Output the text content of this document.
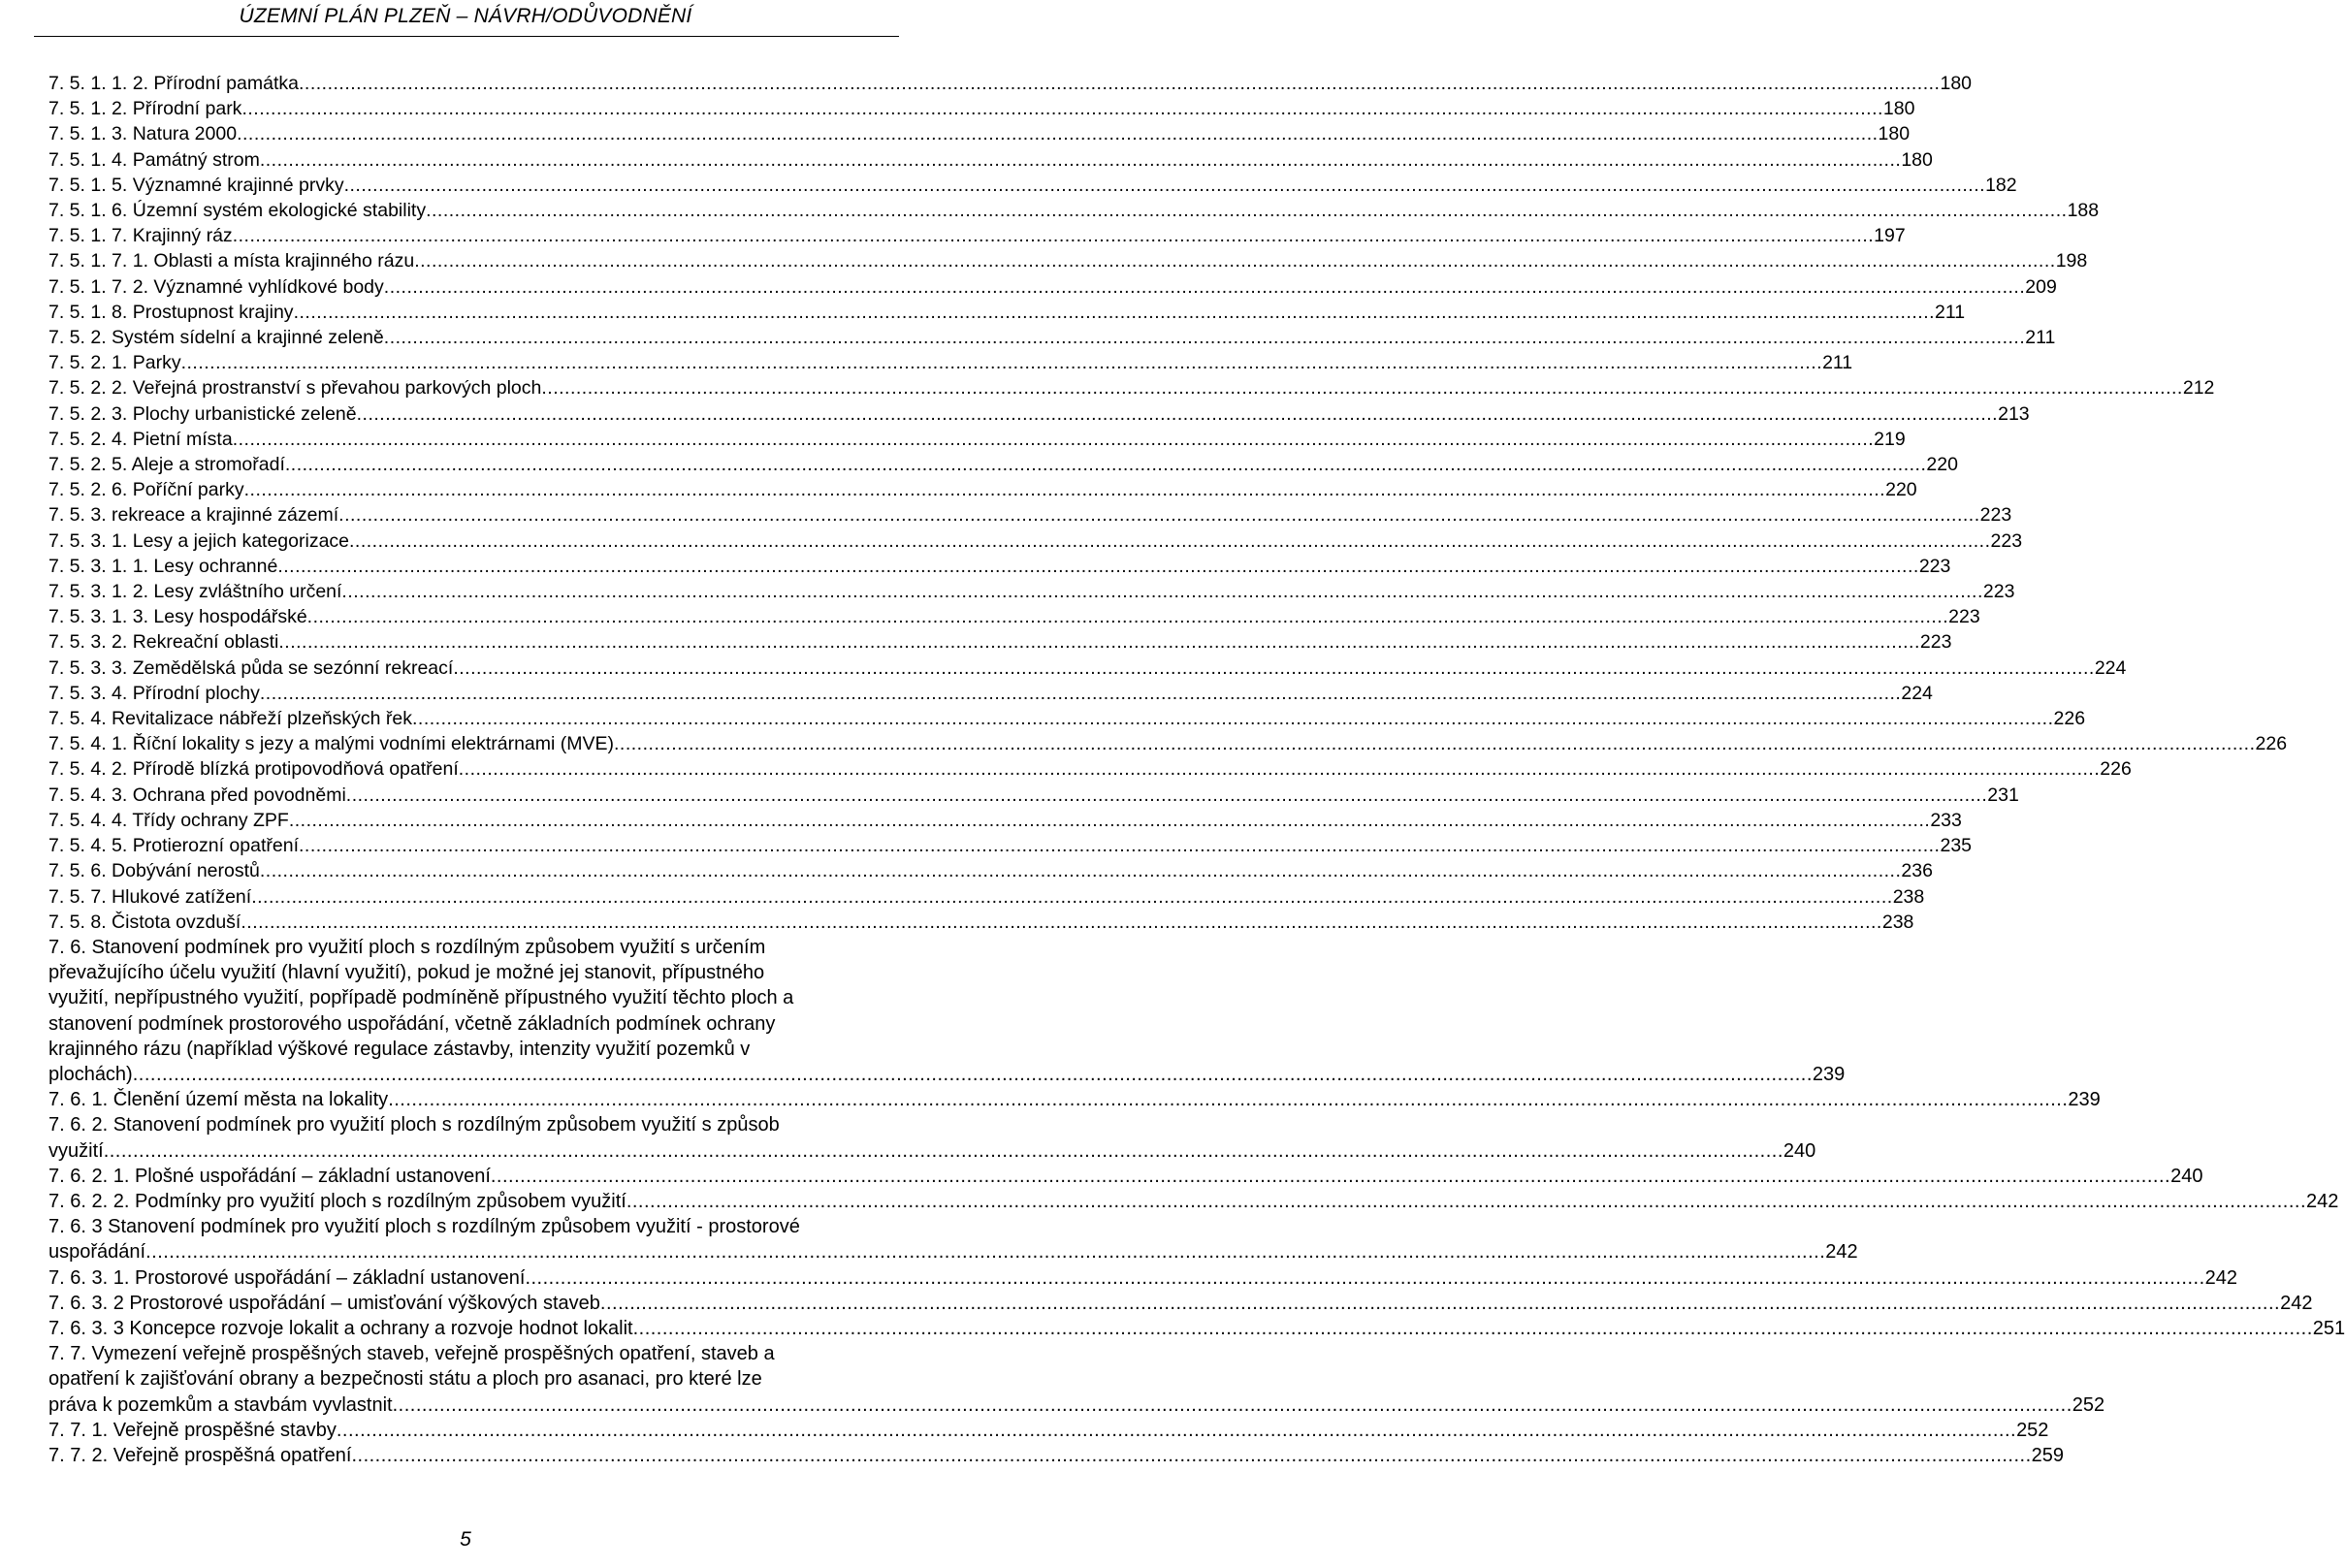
ÚZEMNÍ PLÁN PLZEŇ – NÁVRH/ODŮVODNĚNÍ
7. 5. 1. 1. 2. Přírodní památka .....	180
7. 5. 1. 2. Přírodní park .....	180
7. 5. 1. 3. Natura 2000 .....	180
7. 5. 1. 4. Památný strom .....	180
7. 5. 1. 5. Významné krajinné prvky .....	182
7. 5. 1. 6. Územní systém ekologické stability .....	188
7. 5. 1. 7. Krajinný ráz .....	197
7. 5. 1. 7. 1. Oblasti a místa krajinného rázu .....	198
7. 5. 1. 7. 2. Významné vyhlídkové body .....	209
7. 5. 1. 8. Prostupnost krajiny .....	211
7. 5. 2. Systém sídelní a krajinné zeleně .....	211
7. 5. 2. 1. Parky .....	211
7. 5. 2. 2. Veřejná prostranství s převahou parkových ploch .....	212
7. 5. 2. 3. Plochy urbanistické zeleně .....	213
7. 5. 2. 4. Pietní místa .....	219
7. 5. 2. 5. Aleje a stromořadí .....	220
7. 5. 2. 6. Poříční parky .....	220
7. 5. 3. rekreace a krajinné zázemí .....	223
7. 5. 3. 1. Lesy a jejich kategorizace .....	223
7. 5. 3. 1. 1. Lesy ochranné .....	223
7. 5. 3. 1. 2. Lesy zvláštního určení .....	223
7. 5. 3. 1. 3. Lesy hospodářské .....	223
7. 5. 3. 2. Rekreační oblasti .....	223
7. 5. 3. 3. Zemědělská půda se sezónní rekreací .....	224
7. 5. 3. 4. Přírodní plochy .....	224
7. 5. 4. Revitalizace nábřeží plzeňských řek .....	226
7. 5. 4. 1. Říční lokality s jezy a malými vodními elektrárnami (MVE) .....	226
7. 5. 4. 2. Přírodě blízká protipovodňová opatření .....	226
7. 5. 4. 3. Ochrana před povodněmi .....	231
7. 5. 4. 4. Třídy ochrany ZPF .....	233
7. 5. 4. 5. Protierozní opatření .....	235
7. 5. 6. Dobývání nerostů .....	236
7. 5. 7. Hlukové zatížení .....	238
7. 5. 8. Čistota ovzduší .....	238
7. 6. Stanovení podmínek pro využití ploch s rozdílným způsobem využití s určením
převažujícího účelu využití (hlavní využití), pokud je možné jej stanovit, přípustného
využití, nepřípustného využití, popřípadě podmíněně přípustného využití těchto ploch a
stanovení podmínek prostorového uspořádání, včetně základních podmínek ochrany
krajinného rázu (například výškové regulace zástavby, intenzity využití pozemků v
plochách) .....	239
7. 6. 1. Členění území města na lokality .....	239
7. 6. 2. Stanovení podmínek pro využití ploch s rozdílným způsobem využití s způsob
využití .....	240
7. 6. 2. 1. Plošné uspořádání – základní ustanovení .....	240
7. 6. 2. 2. Podmínky pro využití ploch s rozdílným způsobem využití .....	242
7. 6. 3 Stanovení podmínek pro využití ploch s rozdílným způsobem využití - prostorové
uspořádání .....	242
7. 6. 3. 1. Prostorové uspořádání – základní ustanovení .....	242
7. 6. 3. 2 Prostorové uspořádání – umisťování výškových staveb .....	242
7. 6. 3. 3 Koncepce rozvoje lokalit a ochrany a rozvoje hodnot lokalit .....	251
7. 7. Vymezení veřejně prospěšných staveb, veřejně prospěšných opatření, staveb a
opatření k zajišťování obrany a bezpečnosti státu a ploch pro asanaci, pro které lze
práva k pozemkům a stavbám vyvlastnit .....	252
7. 7. 1. Veřejně prospěšné stavby .....	252
7. 7. 2. Veřejně prospěšná opatření .....	259
5
